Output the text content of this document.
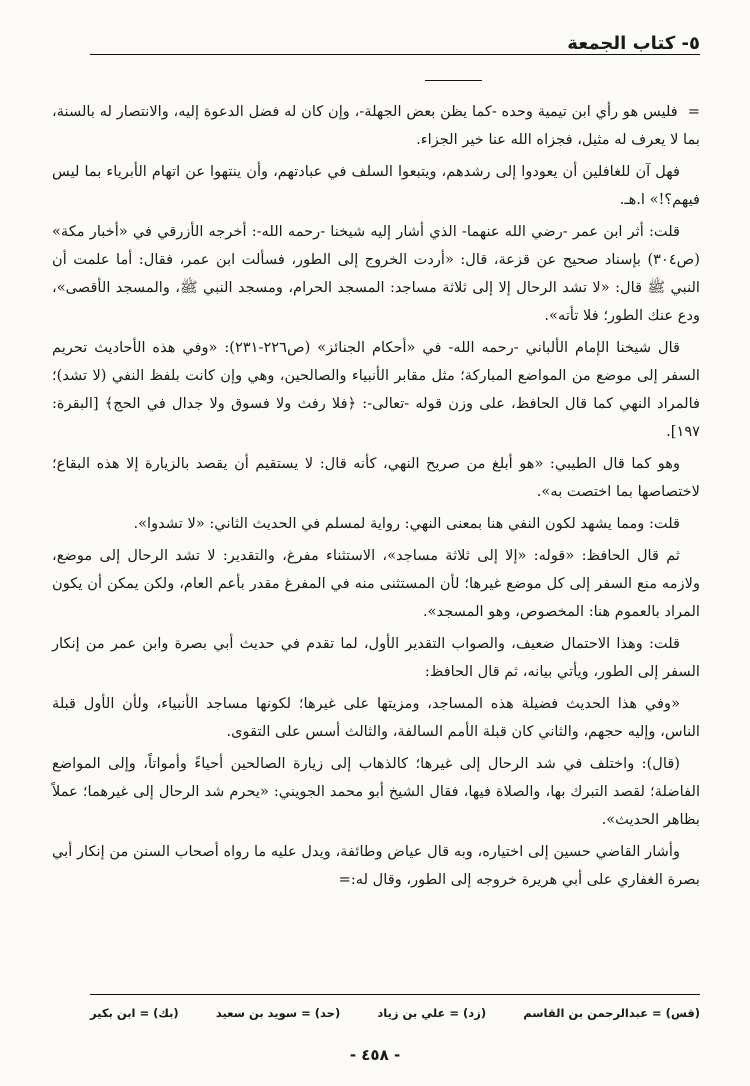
٥- كتاب الجمعة

=فليس هو رأي ابن تيمية وحده -كما يظن بعض الجهلة-، وإن كان له فضل الدعوة إليه، والانتصار له بالسنة، بما لا يعرف له مثيل، فجزاه الله عنا خير الجزاء.

فهل آن للغافلين أن يعودوا إلى رشدهم، ويتبعوا السلف في عبادتهم، وأن ينتهوا عن اتهام الأبرياء بما ليس فيهم؟!» ا.هـ.

قلت: أثر ابن عمر -رضي الله عنهما- الذي أشار إليه شيخنا -رحمه الله-: أخرجه الأزرقي في «أخبار مكة» (ص٣٠٤) بإسناد صحيح عن قزعة، قال: «أردت الخروج إلى الطور، فسألت ابن عمر، فقال: أما علمت أن النبي ﷺ قال: «لا تشد الرحال إلا إلى ثلاثة مساجد: المسجد الحرام، ومسجد النبي ﷺ، والمسجد الأقصى»، ودع عنك الطور؛ فلا تأته».

قال شيخنا الإمام الألباني -رحمه الله- في «أحكام الجنائز» (ص٢٢٦-٢٣١): «وفي هذه الأحاديث تحريم السفر إلى موضع من المواضع المباركة؛ مثل مقابر الأنبياء والصالحين، وهي وإن كانت بلفظ النفي (لا تشد)؛ فالمراد النهي كما قال الحافظ، على وزن قوله -تعالى-: ﴿فلا رفث ولا فسوق ولا جدال في الحج﴾ [البقرة: ١٩٧].

وهو كما قال الطيبي: «هو أبلغ من صريح النهي، كأنه قال: لا يستقيم أن يقصد بالزيارة إلا هذه البقاع؛ لاختصاصها بما اختصت به».

قلت: ومما يشهد لكون النفي هنا بمعنى النهي: رواية لمسلم في الحديث الثاني: «لا تشدوا».

ثم قال الحافظ: «قوله: «إلا إلى ثلاثة مساجد»، الاستثناء مفرغ، والتقدير: لا تشد الرحال إلى موضع، ولازمه منع السفر إلى كل موضع غيرها؛ لأن المستثنى منه في المفرغ مقدر بأعم العام، ولكن يمكن أن يكون المراد بالعموم هنا: المخصوص، وهو المسجد».

قلت: وهذا الاحتمال ضعيف، والصواب التقدير الأول، لما تقدم في حديث أبي بصرة وابن عمر من إنكار السفر إلى الطور، ويأتي بيانه، ثم قال الحافظ:

«وفي هذا الحديث فضيلة هذه المساجد، ومزيتها على غيرها؛ لكونها مساجد الأنبياء، ولأن الأول قبلة الناس، وإليه حجهم، والثاني كان قبلة الأمم السالفة، والثالث أسس على التقوى.

(قال): واختلف في شد الرحال إلى غيرها؛ كالذهاب إلى زيارة الصالحين أحياءً وأمواتاً، وإلى المواضع الفاضلة؛ لقصد التبرك بها، والصلاة فيها، فقال الشيخ أبو محمد الجويني: «يحرم شد الرحال إلى غيرهما؛ عملاً بظاهر الحديث».

وأشار القاضي حسين إلى اختياره، وبه قال عياض وطائفة، ويدل عليه ما رواه أصحاب السنن من إنكار أبي بصرة الغفاري على أبي هريرة خروجه إلى الطور، وقال له:=

(قس) = عبدالرحمن بن القاسم
(زد) = علي بن زياد
(حد) = سويد بن سعيد
(بك) = ابن بكير
- ٤٥٨ -
